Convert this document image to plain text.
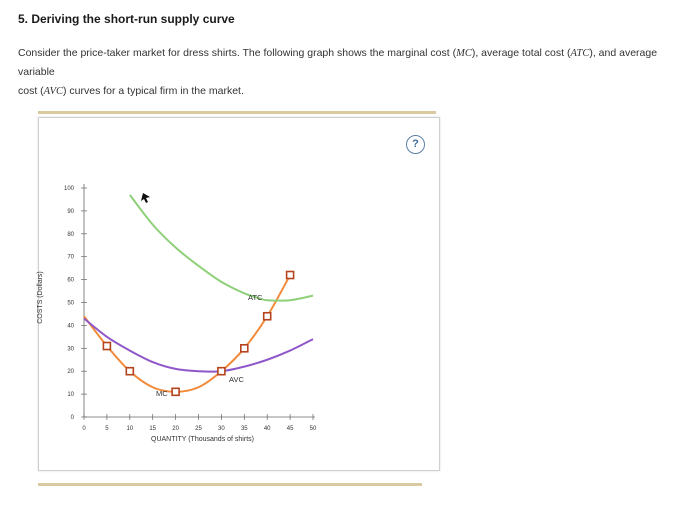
5. Deriving the short-run supply curve
Consider the price-taker market for dress shirts. The following graph shows the marginal cost (MC), average total cost (ATC), and average variable
cost (AVC) curves for a typical firm in the market.
?
0
10
20
30
40
50
60
70
80
90
100
0	5	10	15	20	25	30	35	40	45	50
QUANTITY (Thousands of shirts)
COSTS (Dollars)	ATC
AVC
MC
